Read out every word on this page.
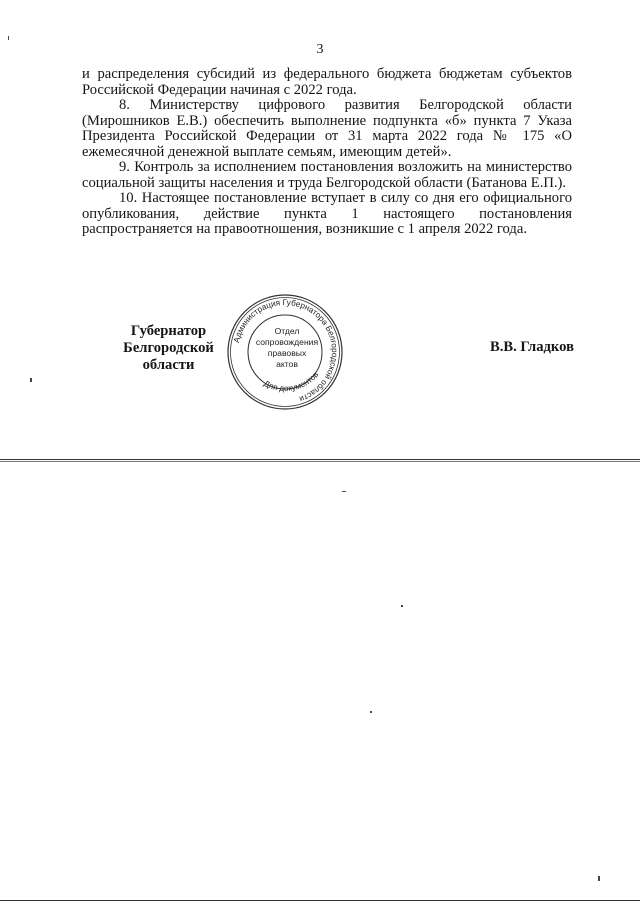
3

и распределения субсидий из федерального бюджета бюджетам субъектов Российской Федерации начиная с 2022 года.

8. Министерству цифрового развития Белгородской области (Мирошников Е.В.) обеспечить выполнение подпункта «б» пункта 7 Указа Президента Российской Федерации от 31 марта 2022 года № 175 «О ежемесячной денежной выплате семьям, имеющим детей».

9. Контроль за исполнением постановления возложить на министерство социальной защиты населения и труда Белгородской области (Батанова Е.П.).

10. Настоящее постановление вступает в силу со дня его официального опубликования, действие пункта 1 настоящего постановления распространяется на правоотношения, возникшие с 1 апреля 2022 года.

Губернатор
Белгородской области
В.В. Гладков
Администрация Губернатора Белгородской области
Для документов
Отдел
сопровождения
правовых
актов
